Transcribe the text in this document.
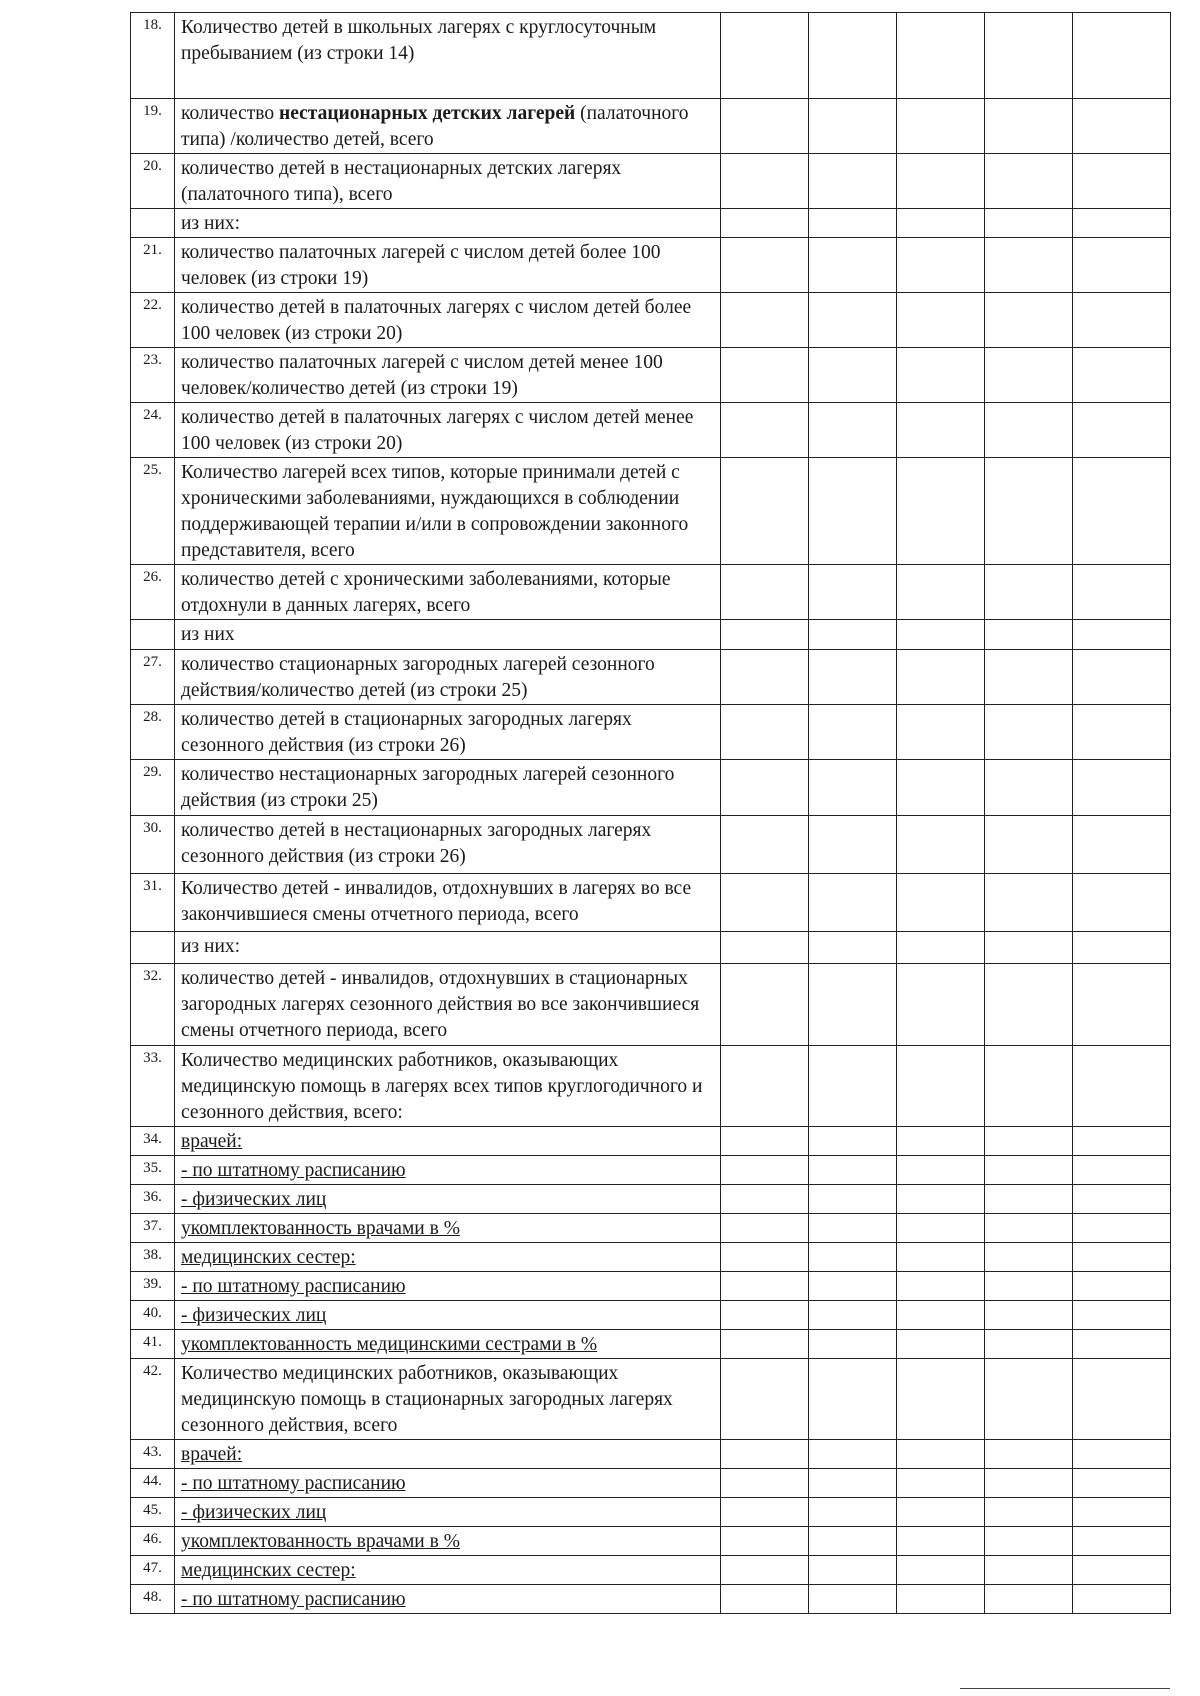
18.	Количество детей в школьных лагерях с круглосуточным пребыванием (из строки 14)					
19.	количество нестационарных детских лагерей (палаточного типа) /количество детей, всего					
20.	количество детей в нестационарных детских лагерях (палаточного типа), всего					
	из них:					
21.	количество палаточных лагерей с числом детей более 100 человек (из строки 19)					
22.	количество детей в палаточных лагерях с числом детей более 100 человек (из строки 20)					
23.	количество палаточных лагерей с числом детей менее 100 человек/количество детей (из строки 19)					
24.	количество детей в палаточных лагерях с числом детей менее 100 человек (из строки 20)					
25.	Количество лагерей всех типов, которые принимали детей с хроническими заболеваниями, нуждающихся в соблюдении поддерживающей терапии и/или в сопровождении законного представителя, всего					
26.	количество детей с хроническими заболеваниями, которые отдохнули в данных лагерях, всего					
	из них					
27.	количество стационарных загородных лагерей сезонного действия/количество детей (из строки 25)					
28.	количество детей в стационарных загородных лагерях сезонного действия (из строки 26)					
29.	количество нестационарных загородных лагерей сезонного действия (из строки 25)					
30.	количество детей в нестационарных загородных лагерях сезонного действия (из строки 26)					
31.	Количество детей - инвалидов, отдохнувших в лагерях во все закончившиеся смены отчетного периода, всего					
	из них:					
32.	количество детей - инвалидов, отдохнувших в стационарных загородных лагерях сезонного действия во все закончившиеся смены отчетного периода, всего					
33.	Количество медицинских работников, оказывающих медицинскую помощь в лагерях всех типов круглогодичного и сезонного действия, всего:					
34.	врачей:					
35.	- по штатному расписанию					
36.	- физических лиц					
37.	укомплектованность врачами в %					
38.	медицинских сестер:					
39.	- по штатному расписанию					
40.	- физических лиц					
41.	укомплектованность медицинскими сестрами в %					
42.	Количество медицинских работников, оказывающих медицинскую помощь в стационарных загородных лагерях сезонного действия, всего					
43.	врачей:					
44.	- по штатному расписанию					
45.	- физических лиц					
46.	укомплектованность врачами в %					
47.	медицинских сестер:					
48.	- по штатному расписанию					
